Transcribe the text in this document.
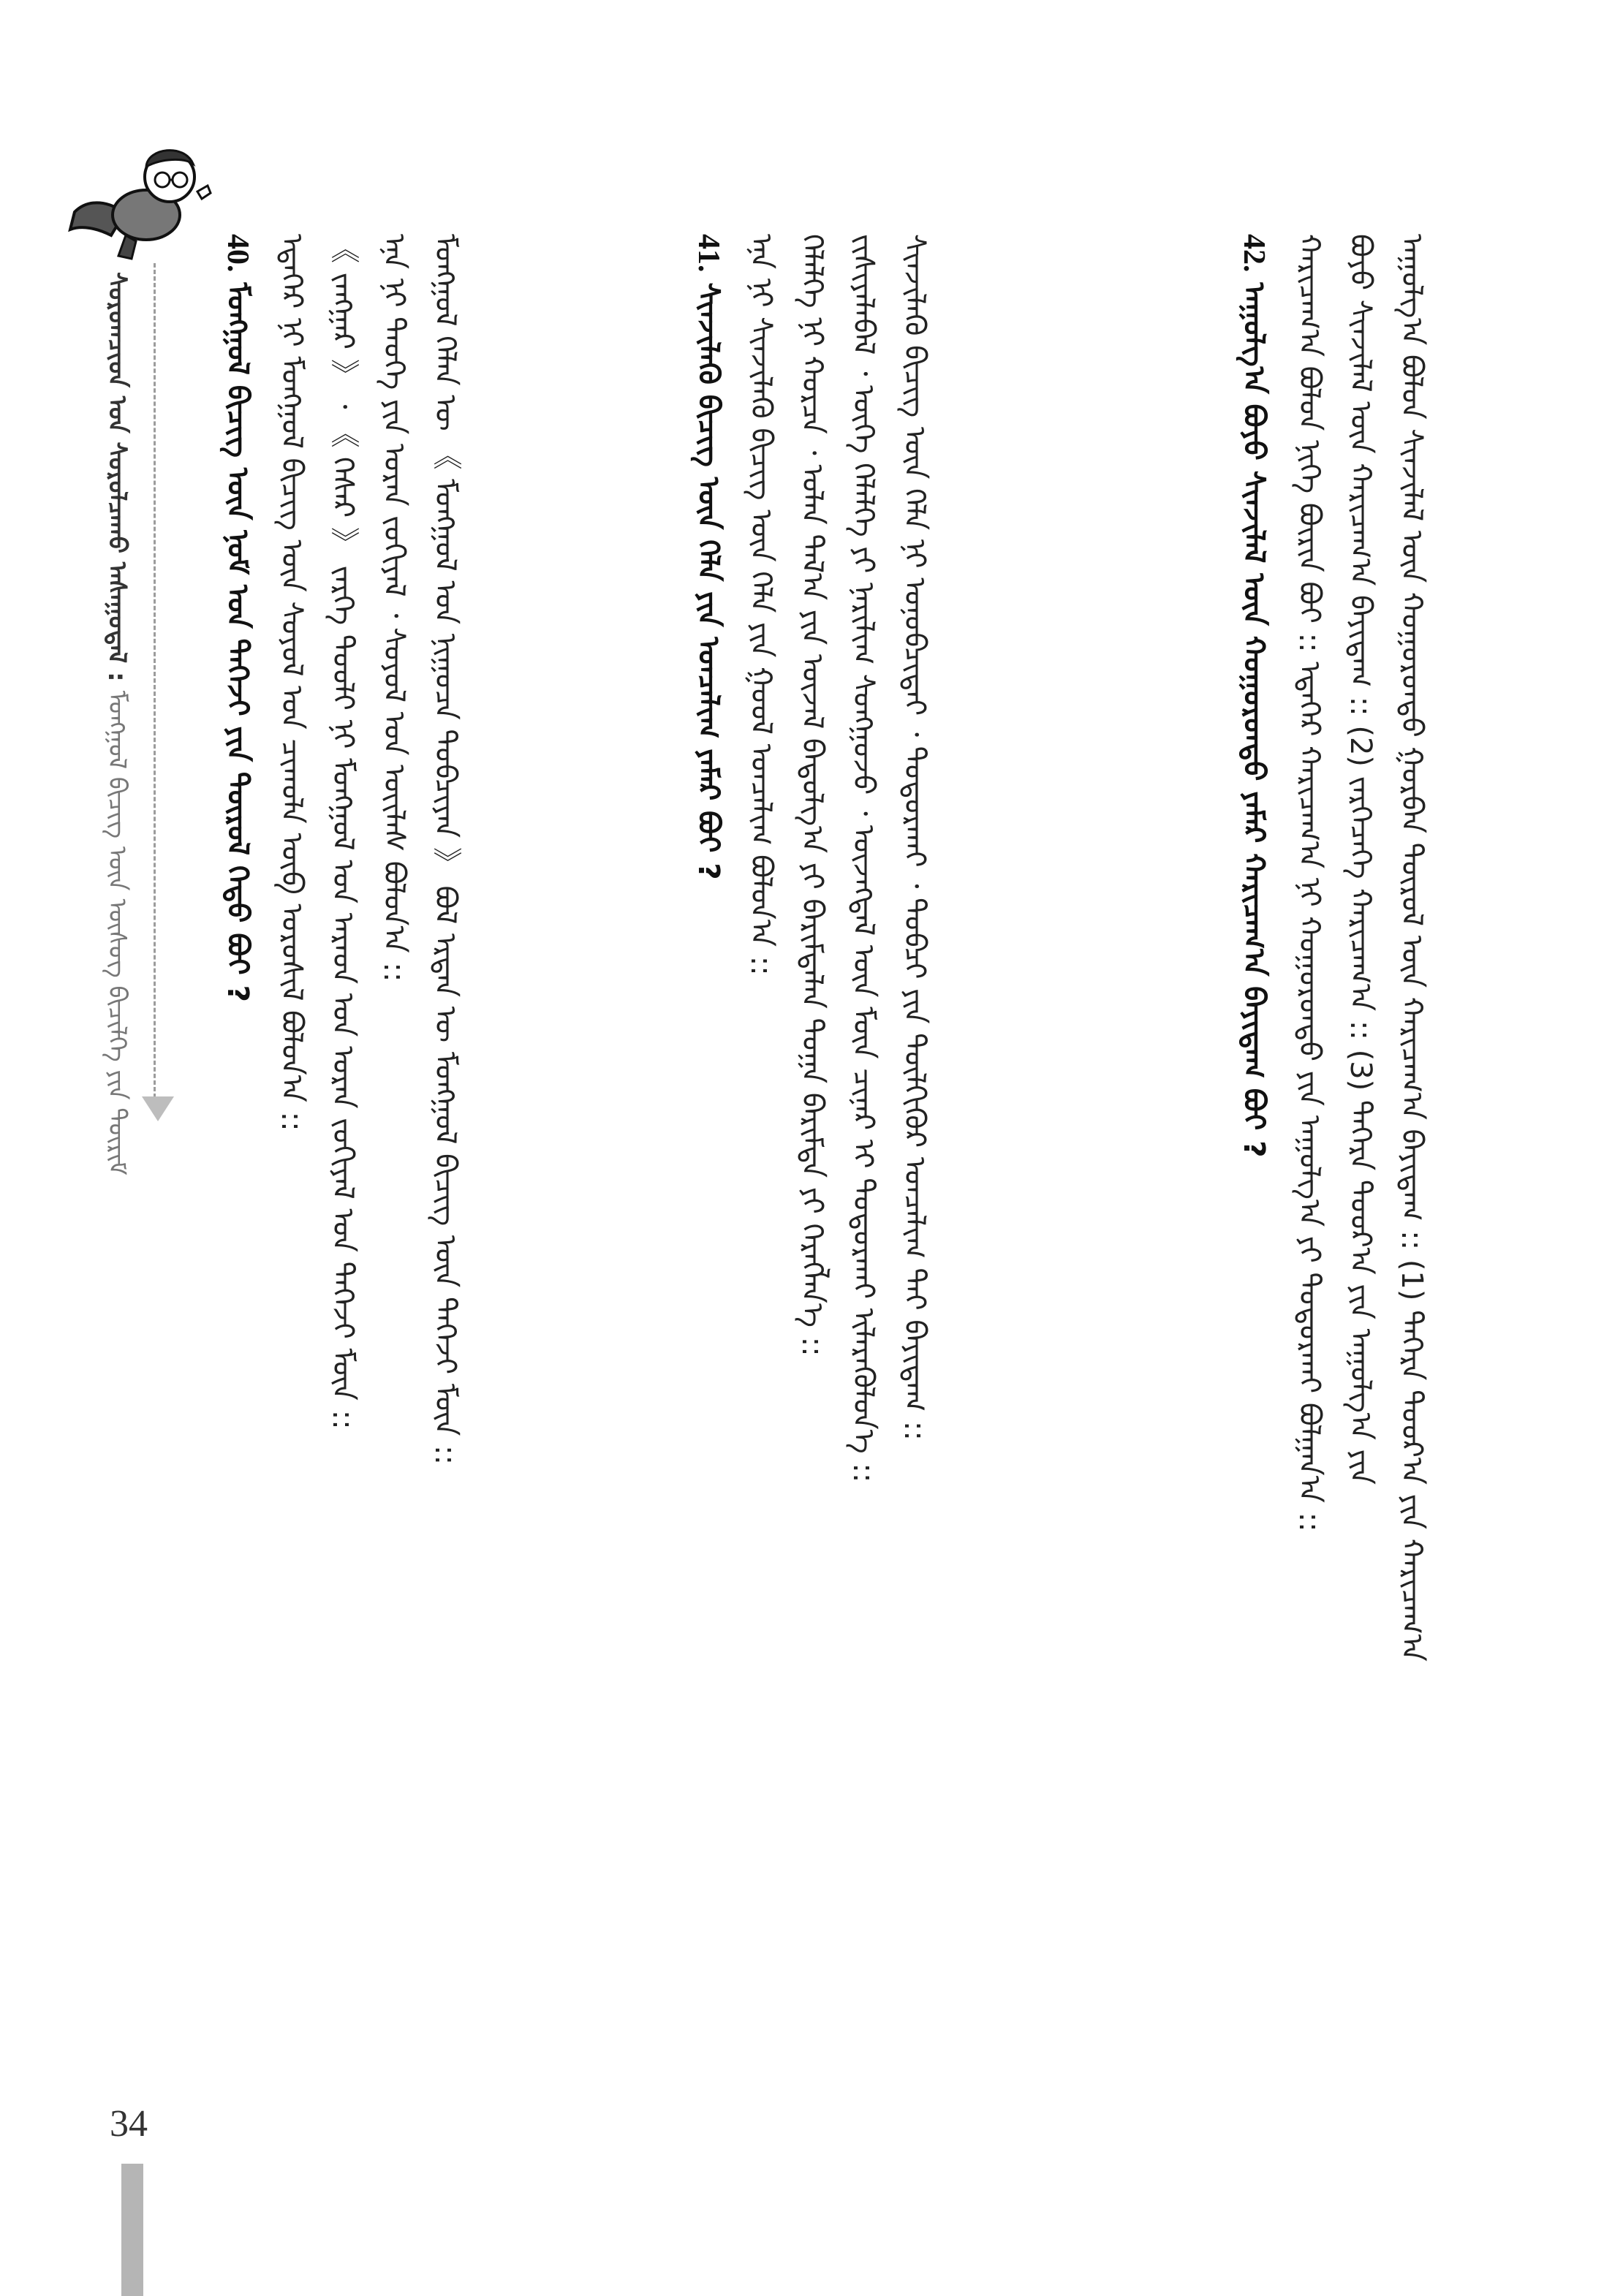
ᠰᠤᠷᠤᠭᠴᠢᠳ ᠤᠨ ᠰᠤᠷᠤᠯᠴᠠᠬᠤ ᠠᠰᠠᠭᠤᠳᠠᠯ : ᠮᠣᠩᠭᠣᠯ ᠪᠢᠴᠢᠭ ᠦᠨ ᠦᠰᠦᠭ ᠪᠢᠴᠢᠯᠭᠡ ᠶᠢᠨ ᠳᠦᠷᠢᠮ
40. ᠮᠣᠩᠭᠣᠯ ᠪᠢᠴᠢᠭ ᠦᠨ ᠨᠣᠮ ᠤᠨ ᠳᠡᠭᠡᠵᠢ ᠶᠢᠨ ᠲᠥᠷᠥᠯ ᠬᠡᠳᠦ ᠪᠤᠢ ? ᠡᠳᠡᠭᠡᠷ ᠨᠢ ᠮᠣᠩᠭᠣᠯ ᠪᠢᠴᠢᠭ ᠦᠨ ᠰᠣᠶᠣᠯ ᠤᠨ ᠴᠢᠬᠤᠯᠠ ᠦᠪ ᠣᠷᠤᠰᠢᠯ ᠪᠣᠯᠤᠨ᠎ᠠ :: 《 ᠵᠠᠩᠭᠠᠷ 》 ᠂ 《 ᠭᠡᠰᠡᠷ 》 ᠵᠡᠷᠭᠡ ᠲᠤᠤᠯᠢ ᠨᠢ ᠮᠣᠩᠭᠣᠯ ᠤᠨ ᠠᠷᠠᠳ ᠤᠨ ᠤᠷᠠᠨ ᠵᠣᠬᠢᠶᠠᠯ ᠤᠨ ᠳᠡᠭᠡᠵᠢ ᠮᠥᠨ :: ᠡᠨᠡ ᠨᠢ ᠲᠡᠦᠬᠡ ᠶᠢᠨ ᠤᠷᠠᠨ ᠵᠣᠬᠢᠶᠠᠯ ᠂ ᠰᠣᠶᠣᠯ ᠤᠨ ᠦᠢᠯᠡᠰ ᠪᠣᠯᠤᠨ᠎ᠠ :: ᠮᠣᠩᠭᠣᠯ ᠬᠡᠯᠡᠨ ᠦ 《 ᠮᠣᠩᠭᠣᠯ ᠤᠨ ᠨᠢᠭᠤᠴᠠ ᠲᠣᠪᠴᠢᠶᠠᠨ 》 ᠪᠣᠯ ᠡᠷᠲᠡᠨ ᠦ ᠮᠣᠩᠭᠣᠯ ᠪᠢᠴᠢᠭ ᠦᠨ ᠳᠡᠭᠡᠵᠢ ᠮᠥᠨ ::	41. ᠰᠢᠨᠵᠢᠯᠡᠬᠦ ᠪᠢᠴᠢᠭ ᠦᠨ ᠬᠡᠯᠡ ᠶᠢᠨ ᠣᠨᠴᠠᠯᠢᠭ ᠶᠠᠮᠠᠷ ᠪᠤᠢ ? ᠡᠨᠡ ᠨᠢ ᠰᠢᠨᠵᠢᠯᠡᠬᠦ ᠪᠢᠴᠢᠭ ᠦᠨ ᠬᠡᠯᠡ ᠶᠢᠨ ᠭᠣᠣᠯ ᠣᠨᠴᠠᠯᠢᠭ ᠪᠣᠯᠤᠨ᠎ᠠ :: ᠬᠡᠯᠡᠯᠭᠡ ᠨᠢ ᠬᠤᠷᠴᠠ ᠂ ᠣᠯᠠᠨ ᠲᠠᠯ᠎ᠠ ᠶᠢᠨ ᠦᠵᠡᠯ ᠪᠠᠲᠤᠯᠭ᠎ᠠ ᠶᠢ ᠪᠠᠷᠢᠮᠲᠠᠯᠠᠨ ᠲᠣᠭᠠ ᠪᠠᠷᠢᠮᠲᠠ ᠶᠢ ᠬᠡᠷᠡᠭᠯᠡᠨ᠎ᠡ :: ᠵᠢᠱᠢᠶᠡᠯᠡᠪᠡᠯ ᠂ ᠦᠭᠡ ᠬᠡᠯᠡᠯᠭᠡ ᠶᠢ ᠨᠠᠷᠢᠯᠢᠭ ᠰᠣᠩᠭᠣᠵᠤ ᠂ ᠦᠵᠡᠭᠳᠡᠯ ᠦᠨ ᠮᠦᠨ ᠴᠢᠨᠠᠷ ᠢ ᠲᠣᠳᠣᠷᠬᠠᠢ ᠢᠯᠡᠷᠡᠭᠦᠯᠦᠨ᠎ᠡ :: ᠰᠢᠨᠵᠢᠯᠡᠬᠦ ᠪᠢᠴᠢᠭ ᠦᠨ ᠬᠡᠯᠡ ᠨᠢ ᠣᠨᠣᠪᠴᠢᠲᠠᠢ ᠂ ᠲᠣᠳᠣᠷᠬᠠᠢ ᠂ ᠲᠣᠪᠴᠢ ᠶᠢᠨ ᠲᠦᠯᠬᠢᠭᠦᠷ ᠣᠨᠴᠠᠯᠢᠭ ᠲᠠᠢ ᠪᠠᠶᠢᠳᠠᠭ ::	42. ᠠᠭᠤᠯᠭ᠎ᠠ ᠪᠤᠶᠤ ᠰᠢᠨᠵᠢᠯᠡᠯ ᠦᠨ ᠬᠣᠭᠣᠷᠣᠨᠳᠣ ᠶᠠᠮᠠᠷ ᠬᠠᠷᠢᠴᠠᠭ᠎ᠠ ᠪᠠᠶᠢᠳᠠᠭ ᠪᠤᠢ ? ᠬᠠᠷᠢᠴᠠᠭ᠎ᠠ ᠪᠤᠯᠤᠨ ᠨᠢᠭᠡ ᠪᠦᠷᠢᠨ ᠪᠤᠢ :: ᠡᠳᠡᠭᠡᠷ ᠬᠠᠷᠢᠴᠠᠭ᠎ᠠ ᠨᠢ ᠬᠣᠭᠣᠷᠣᠨᠳᠣ ᠶᠢᠨ ᠠᠭᠤᠯᠭ᠎ᠠ ᠶᠢ ᠲᠣᠳᠣᠷᠬᠠᠶ ᠪᠣᠯᠭᠠᠨ᠎ᠠ :: ᠪᠤᠶᠤ ᠰᠢᠨᠵᠢᠯᠡᠯ ᠦᠨ ᠬᠠᠷᠢᠴᠠᠭ᠎ᠠ ᠪᠠᠶᠢᠳᠠᠭ :: (2) ᠵᠡᠷᠭᠡᠴᠡᠬᠡ ᠬᠠᠷᠢᠴᠠᠭ᠎ᠠ :: (3) ᠳᠡᠭᠡᠷᠡ ᠳᠤᠤᠷ᠎ᠠ ᠶᠢᠨ ᠠᠭᠤᠯᠭ᠎ᠠ ᠶᠢᠨ ᠠᠭᠤᠯᠭ᠎ᠠ ᠪᠤᠯᠤᠨ ᠰᠢᠨᠵᠢᠯᠡᠯ ᠦᠨ ᠬᠣᠭᠣᠷᠣᠨᠳᠣ ᠭᠤᠷᠪᠠᠨ ᠲᠦᠷᠦᠯ ᠦᠨ ᠬᠠᠷᠢᠴᠠᠭ᠎ᠠ ᠪᠠᠶᠢᠳᠠᠭ :: (1) ᠳᠡᠭᠡᠷᠡ ᠳᠤᠤᠷ᠎ᠠ ᠶᠢᠨ ᠬᠠᠷᠢᠴᠠᠭ᠎ᠠ
34
